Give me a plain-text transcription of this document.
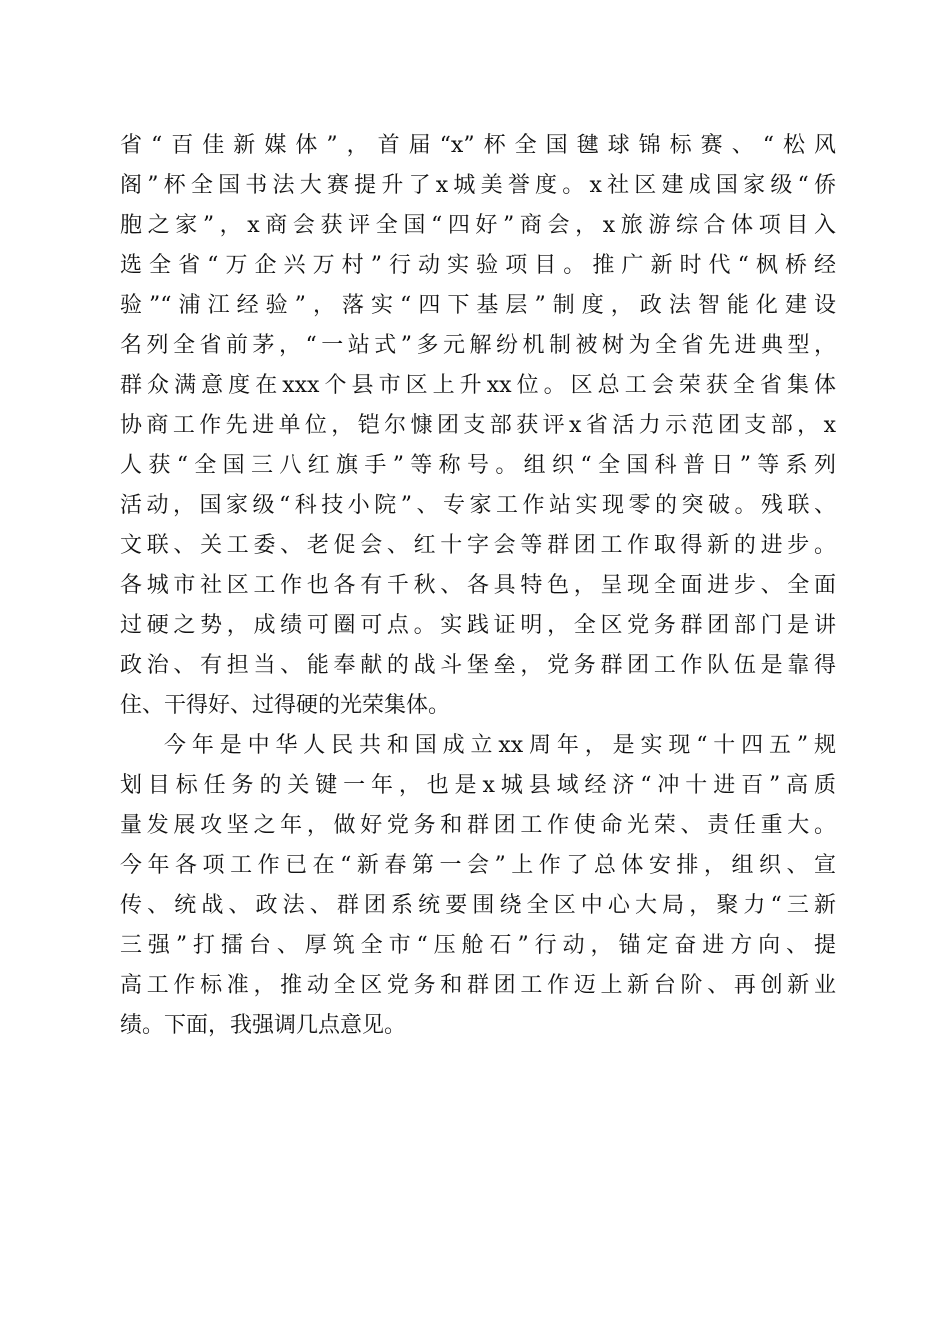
省“百佳新媒体”，首届“x”杯全国毽球锦标赛、“松风
阁”杯全国书法大赛提升了x城美誉度。x社区建成国家级“侨
胞之家”，x商会获评全国“四好”商会，x旅游综合体项目入
选全省“万企兴万村”行动实验项目。推广新时代“枫桥经
验”“浦江经验”，落实“四下基层”制度，政法智能化建设
名列全省前茅，“一站式”多元解纷机制被树为全省先进典型，
群众满意度在xxx个县市区上升xx位。区总工会荣获全省集体
协商工作先进单位，铠尔慷团支部获评x省活力示范团支部，x
人获“全国三八红旗手”等称号。组织“全国科普日”等系列
活动，国家级“科技小院”、专家工作站实现零的突破。残联、
文联、关工委、老促会、红十字会等群团工作取得新的进步。
各城市社区工作也各有千秋、各具特色，呈现全面进步、全面
过硬之势，成绩可圈可点。实践证明，全区党务群团部门是讲
政治、有担当、能奉献的战斗堡垒，党务群团工作队伍是靠得
住、干得好、过得硬的光荣集体。
今年是中华人民共和国成立xx周年，是实现“十四五”规
划目标任务的关键一年，也是x城县域经济“冲十进百”高质
量发展攻坚之年，做好党务和群团工作使命光荣、责任重大。
今年各项工作已在“新春第一会”上作了总体安排，组织、宣
传、统战、政法、群团系统要围绕全区中心大局，聚力“三新
三强”打擂台、厚筑全市“压舱石”行动，锚定奋进方向、提
高工作标准，推动全区党务和群团工作迈上新台阶、再创新业
绩。下面，我强调几点意见。
